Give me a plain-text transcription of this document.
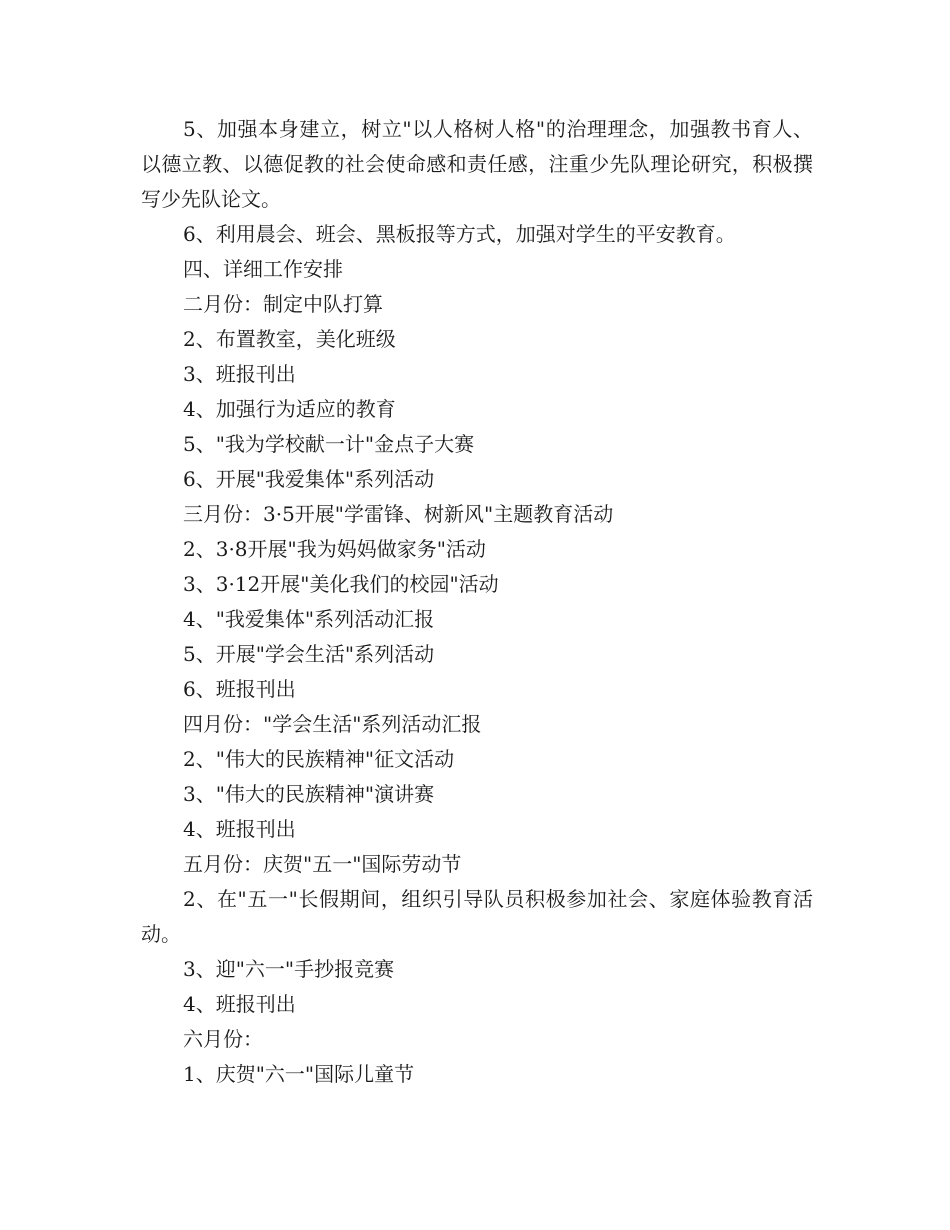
5、加强本身建立，树立"以人格树人格"的治理理念，加强教书育人、以德立教、以德促教的社会使命感和责任感，注重少先队理论研究，积极撰写少先队论文。

6、利用晨会、班会、黑板报等方式，加强对学生的平安教育。

四、详细工作安排

二月份：制定中队打算

2、布置教室，美化班级

3、班报刊出

4、加强行为适应的教育

5、"我为学校献一计"金点子大赛

6、开展"我爱集体"系列活动

三月份：3·5开展"学雷锋、树新风"主题教育活动

2、3·8开展"我为妈妈做家务"活动

3、3·12开展"美化我们的校园"活动

4、"我爱集体"系列活动汇报

5、开展"学会生活"系列活动

6、班报刊出

四月份："学会生活"系列活动汇报

2、"伟大的民族精神"征文活动

3、"伟大的民族精神"演讲赛

4、班报刊出

五月份：庆贺"五一"国际劳动节

2、在"五一"长假期间，组织引导队员积极参加社会、家庭体验教育活动。

3、迎"六一"手抄报竞赛

4、班报刊出

六月份：

1、庆贺"六一"国际儿童节
